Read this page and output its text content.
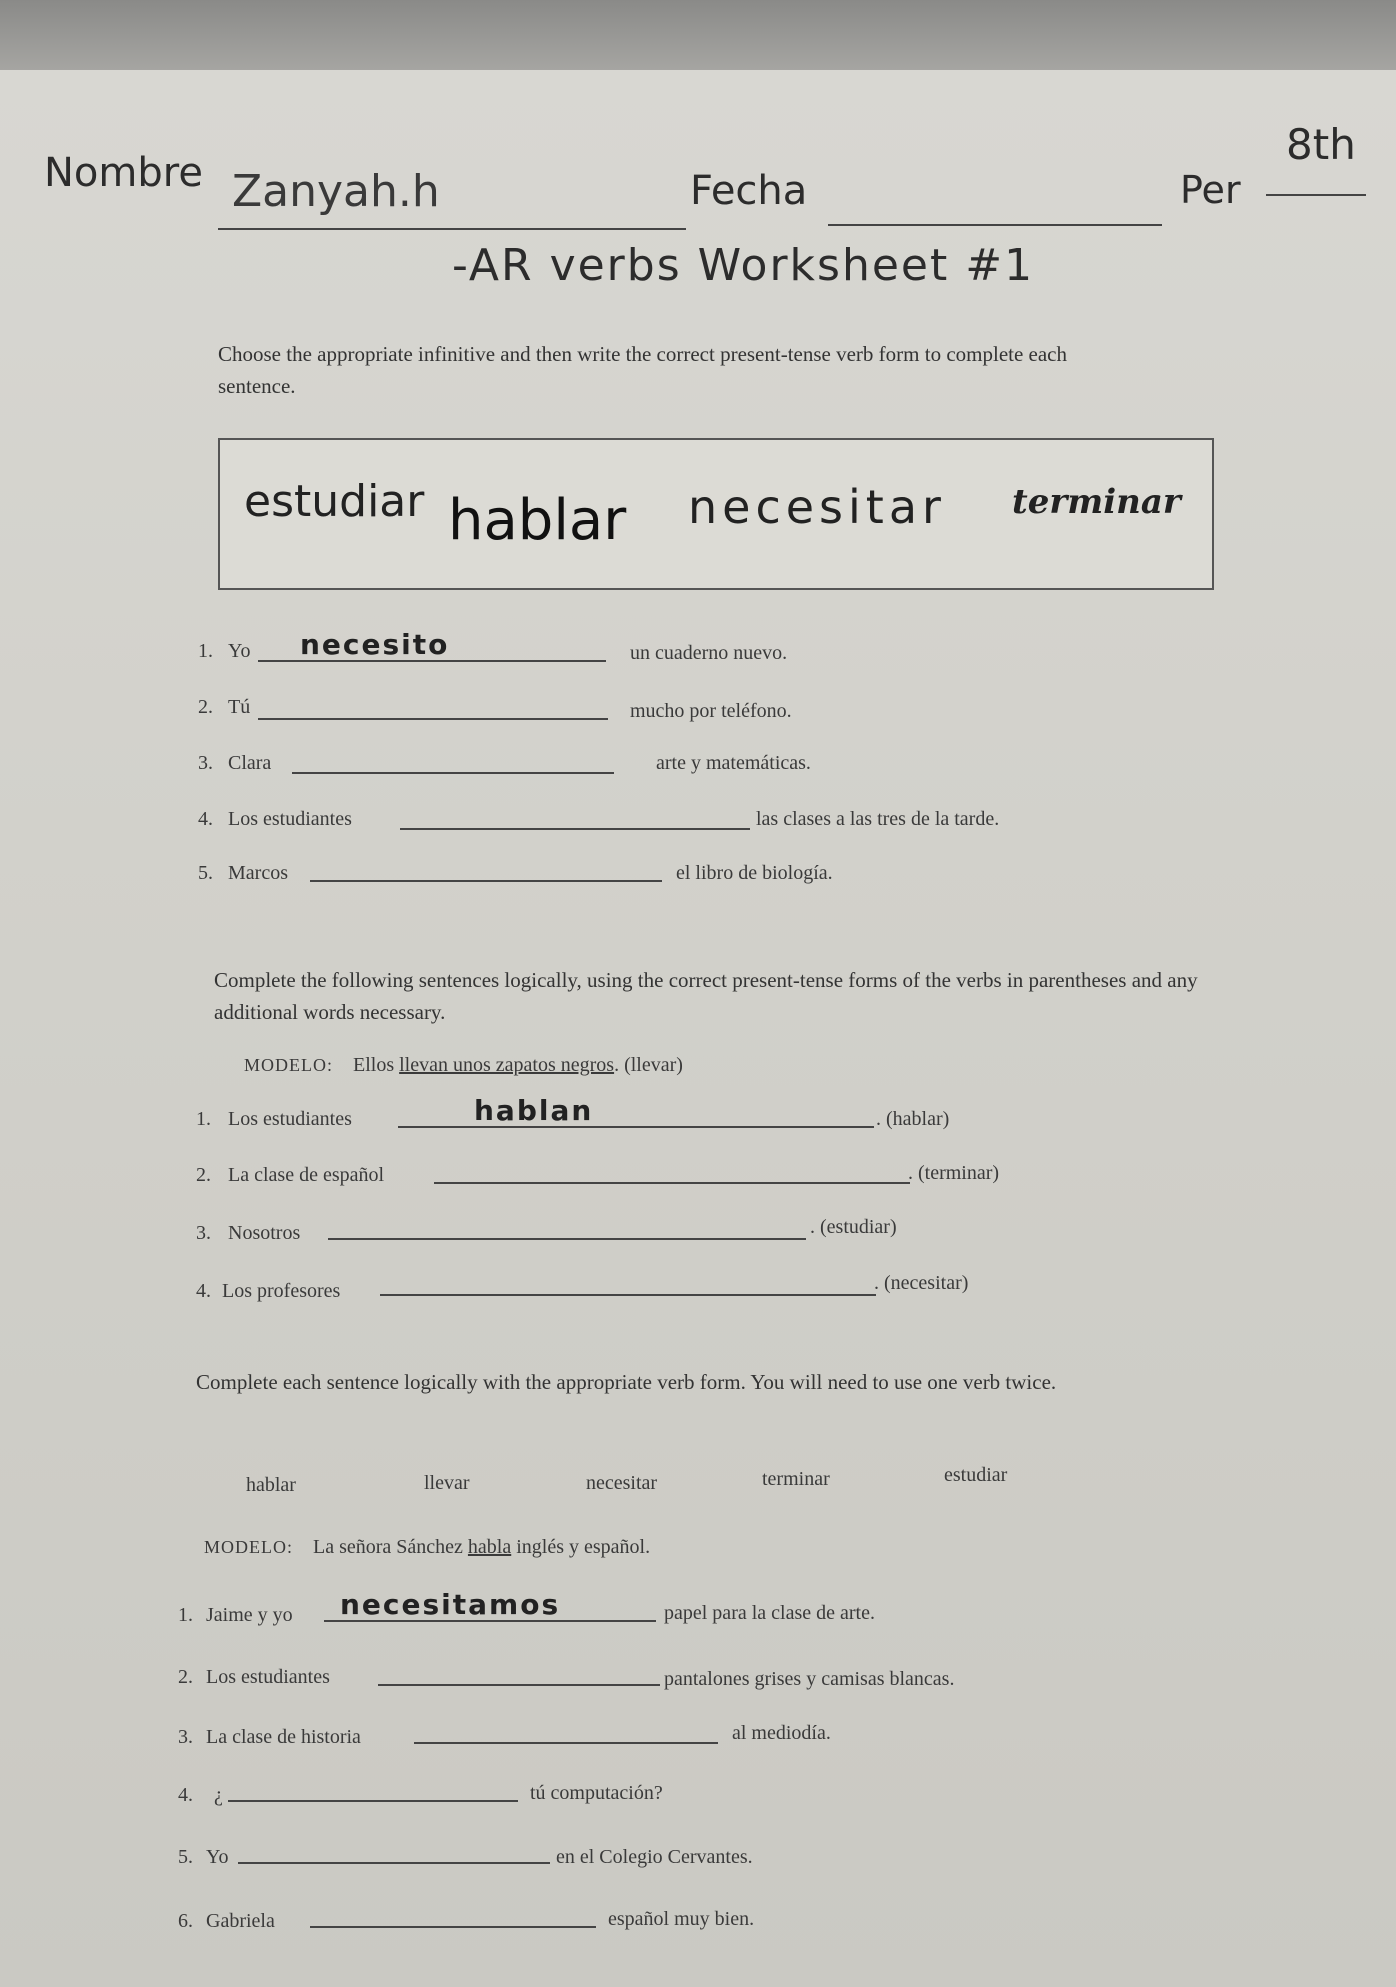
Nombre Zanyah.h	Fecha	Per
8th
-AR verbs Worksheet #1
Choose the appropriate infinitive and then write the correct present-tense verb form to complete each sentence.
estudiar hablar necesitar terminar
1. Yo necesito	un cuaderno nuevo.
2. Tú	mucho por teléfono.
3. Clara	arte y matemáticas.
4. Los estudiantes	las clases a las tres de la tarde.
5. Marcos	el libro de biología.
Complete the following sentences logically, using the correct present-tense forms of the verbs in parentheses and any additional words necessary.
MODELO: Ellos llevan unos zapatos negros. (llevar)
1. Los estudiantes	hablan	. (hablar)
2. La clase de español	. (terminar)
3. Nosotros	. (estudiar)
4. Los profesores	. (necesitar)
Complete each sentence logically with the appropriate verb form. You will need to use one verb twice.
hablar	llevar	necesitar	terminar	estudiar
MODELO: La señora Sánchez habla inglés y español.
1. Jaime y yo necesitamos	papel para la clase de arte.
2. Los estudiantes	pantalones grises y camisas blancas.
3. La clase de historia	al mediodía.
4. ¿	tú computación?
5. Yo	en el Colegio Cervantes.
6. Gabriela	español muy bien.
